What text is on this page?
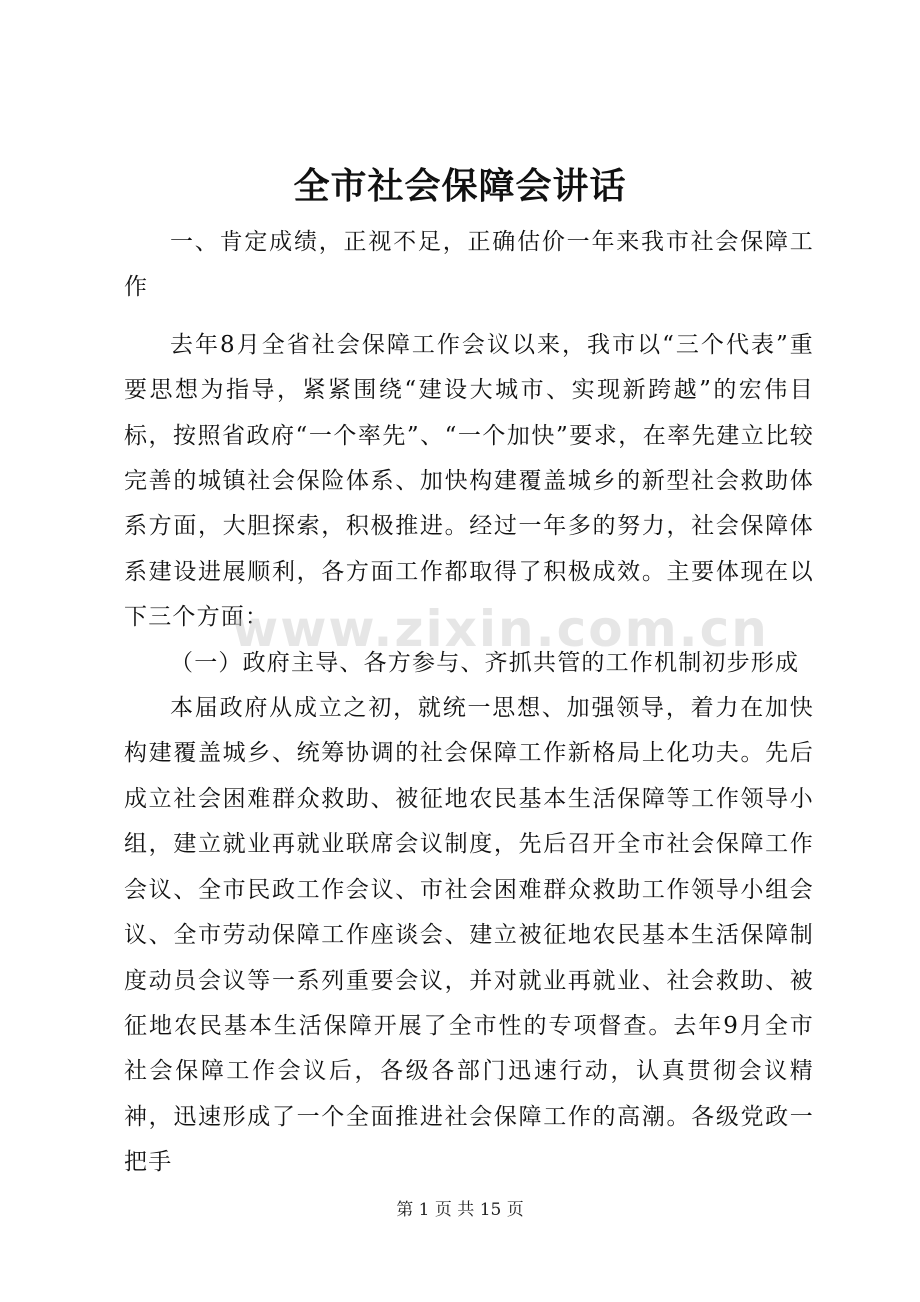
全市社会保障会讲话

一、肯定成绩，正视不足，正确估价一年来我市社会保障工作

去年8月全省社会保障工作会议以来，我市以“三个代表”重要思想为指导，紧紧围绕“建设大城市、实现新跨越”的宏伟目标，按照省政府“一个率先”、“一个加快”要求，在率先建立比较完善的城镇社会保险体系、加快构建覆盖城乡的新型社会救助体系方面，大胆探索，积极推进。经过一年多的努力，社会保障体系建设进展顺利，各方面工作都取得了积极成效。主要体现在以下三个方面：

（一）政府主导、各方参与、齐抓共管的工作机制初步形成

本届政府从成立之初，就统一思想、加强领导，着力在加快构建覆盖城乡、统筹协调的社会保障工作新格局上化功夫。先后成立社会困难群众救助、被征地农民基本生活保障等工作领导小组，建立就业再就业联席会议制度，先后召开全市社会保障工作会议、全市民政工作会议、市社会困难群众救助工作领导小组会议、全市劳动保障工作座谈会、建立被征地农民基本生活保障制度动员会议等一系列重要会议，并对就业再就业、社会救助、被征地农民基本生活保障开展了全市性的专项督查。去年9月全市社会保障工作会议后，各级各部门迅速行动，认真贯彻会议精神，迅速形成了一个全面推进社会保障工作的高潮。各级党政一把手

www.zixin.com.cn
第 1 页 共 15 页
